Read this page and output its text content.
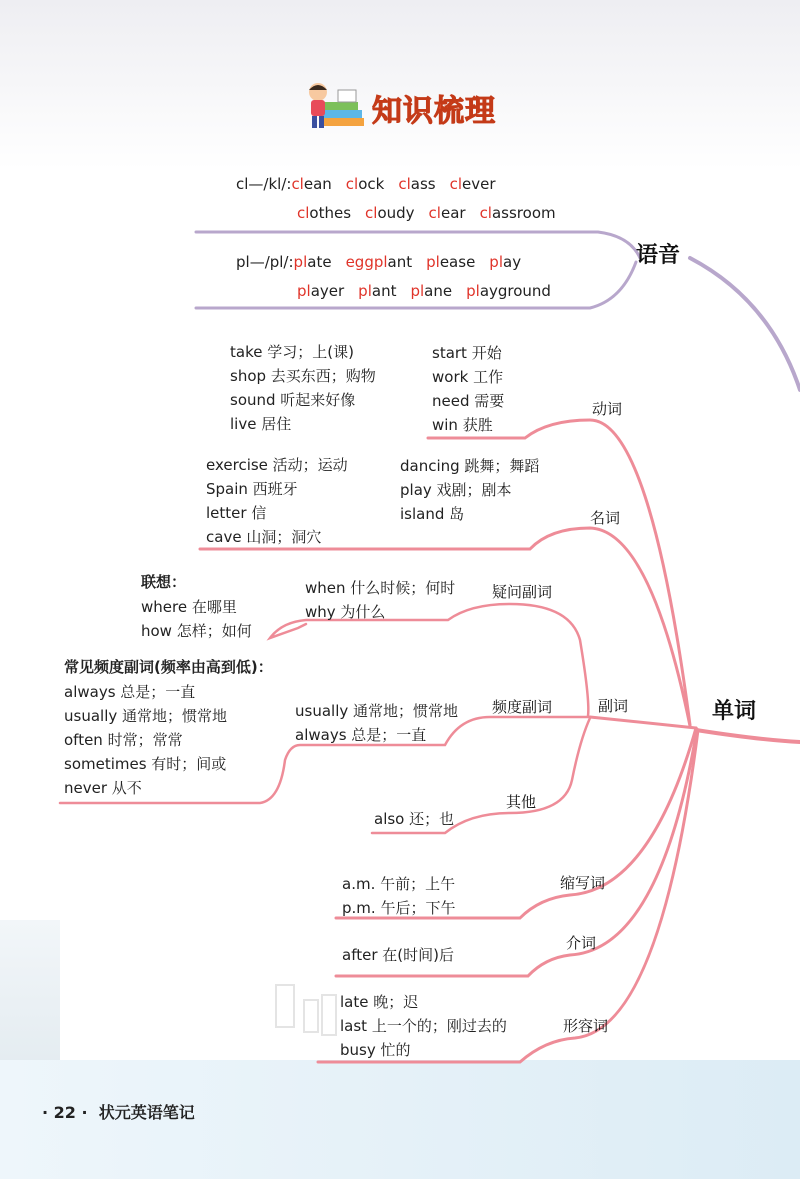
知识梳理
cl—/kl/:clean clock class clever
clothes cloudy clear classroom
pl—/pl/:plate eggplant please play
player plant plane playground
语音
单词
take 学习；上(课)
shop 去买东西；购物
sound 听起来好像
live 居住
start 开始
work 工作
need 需要
win 获胜
动词
exercise 活动；运动
Spain 西班牙
letter 信
cave 山洞；洞穴
dancing 跳舞；舞蹈
play 戏剧；剧本
island 岛	名词
联想：
where 在哪里
how 怎样；如何
when 什么时候；何时
why 为什么
疑问副词
常见频度副词(频率由高到低)：
always 总是；一直
usually 通常地；惯常地
often 时常；常常
sometimes 有时；间或
never 从不
usually 通常地；惯常地
always 总是；一直
频度副词	副词
also 还；也
其他
a.m. 午前；上午
p.m. 午后；下午
缩写词
after 在(时间)后
介词
late 晚；迟
last 上一个的；刚过去的
busy 忙的
形容词
· 22 · 状元英语笔记
